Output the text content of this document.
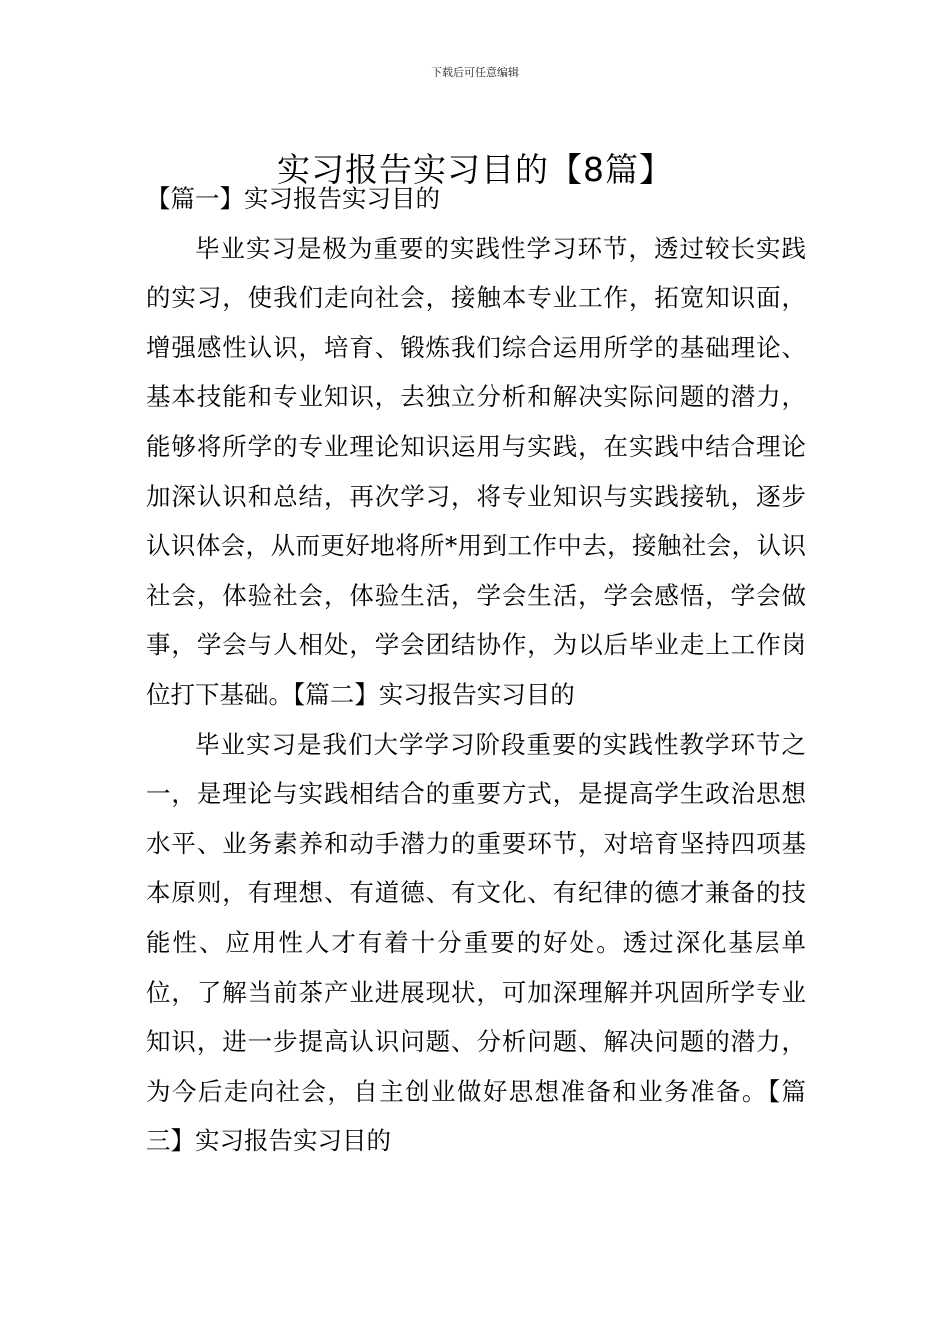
下载后可任意编辑
实习报告实习目的【8篇】

【篇一】实习报告实习目的

毕业实习是极为重要的实践性学习环节，透过较长实践的实习，使我们走向社会，接触本专业工作，拓宽知识面，增强感性认识，培育、锻炼我们综合运用所学的基础理论、基本技能和专业知识，去独立分析和解决实际问题的潜力，能够将所学的专业理论知识运用与实践，在实践中结合理论加深认识和总结，再次学习，将专业知识与实践接轨，逐步认识体会，从而更好地将所*用到工作中去，接触社会，认识社会，体验社会，体验生活，学会生活，学会感悟，学会做事，学会与人相处，学会团结协作，为以后毕业走上工作岗位打下基础。【篇二】实习报告实习目的

毕业实习是我们大学学习阶段重要的实践性教学环节之一，是理论与实践相结合的重要方式，是提高学生政治思想水平、业务素养和动手潜力的重要环节，对培育坚持四项基本原则，有理想、有道德、有文化、有纪律的德才兼备的技能性、应用性人才有着十分重要的好处。透过深化基层单位，了解当前茶产业进展现状，可加深理解并巩固所学专业知识，进一步提高认识问题、分析问题、解决问题的潜力，为今后走向社会，自主创业做好思想准备和业务准备。【篇三】实习报告实习目的
